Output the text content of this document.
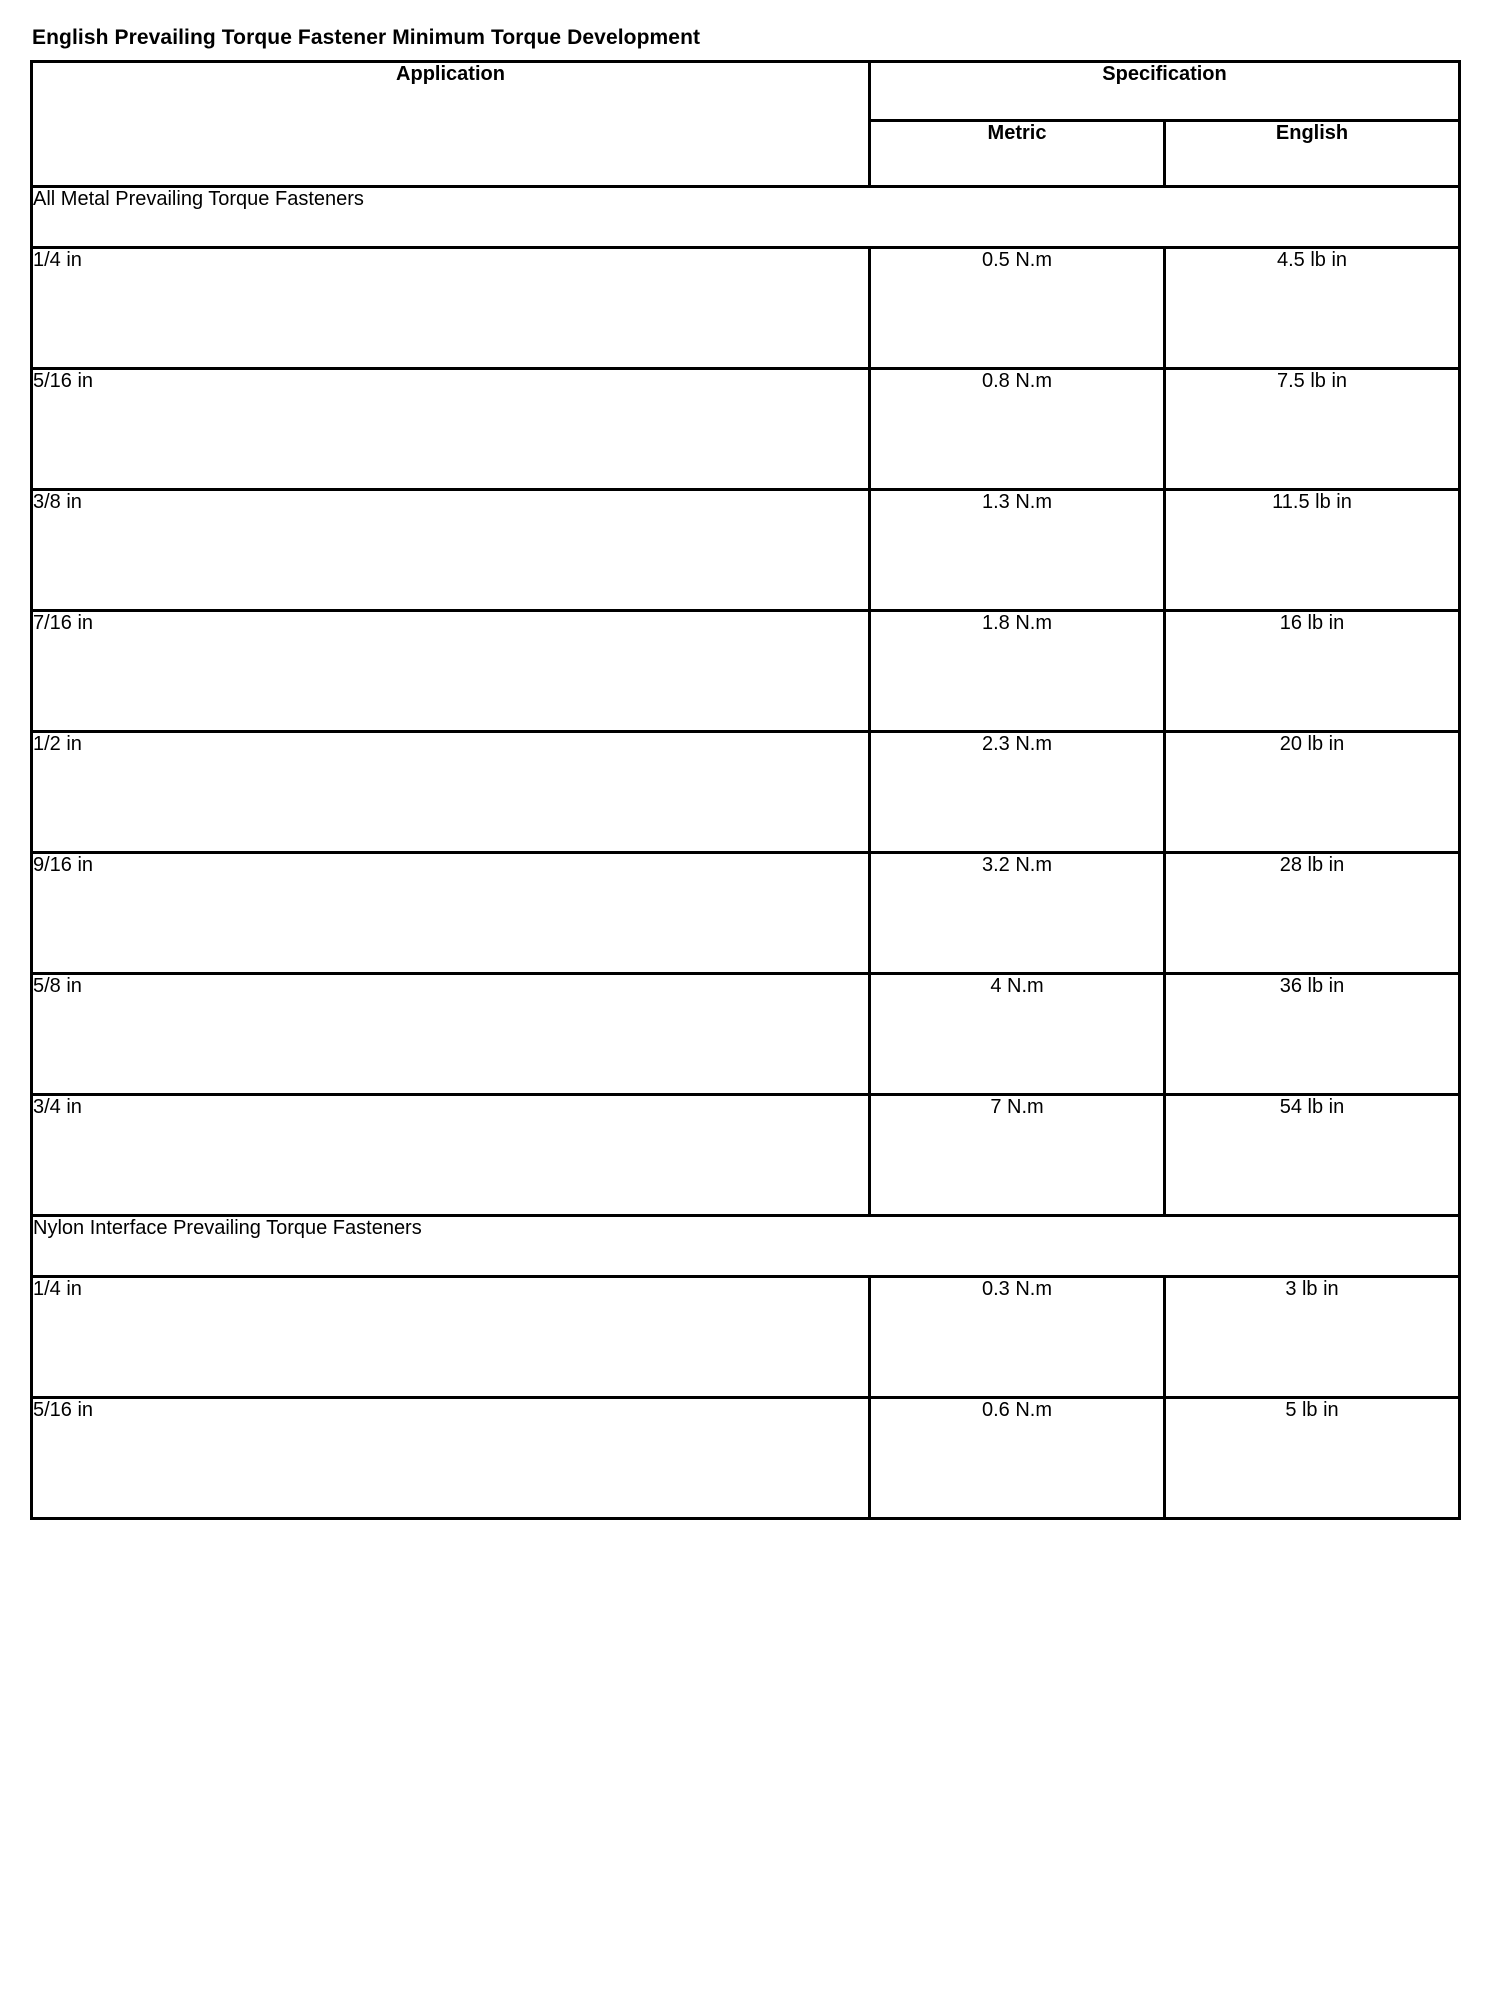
English Prevailing Torque Fastener Minimum Torque Development
Application	Specification	
	Metric	English
All Metal Prevailing Torque Fasteners		
1/4 in	0.5 N.m	4.5 lb in
5/16 in	0.8 N.m	7.5 lb in
3/8 in	1.3 N.m	11.5 lb in
7/16 in	1.8 N.m	16 lb in
1/2 in	2.3 N.m	20 lb in
9/16 in	3.2 N.m	28 lb in
5/8 in	4 N.m	36 lb in
3/4 in	7 N.m	54 lb in
Nylon Interface Prevailing Torque Fasteners		
1/4 in	0.3 N.m	3 lb in
5/16 in	0.6 N.m	5 lb in
